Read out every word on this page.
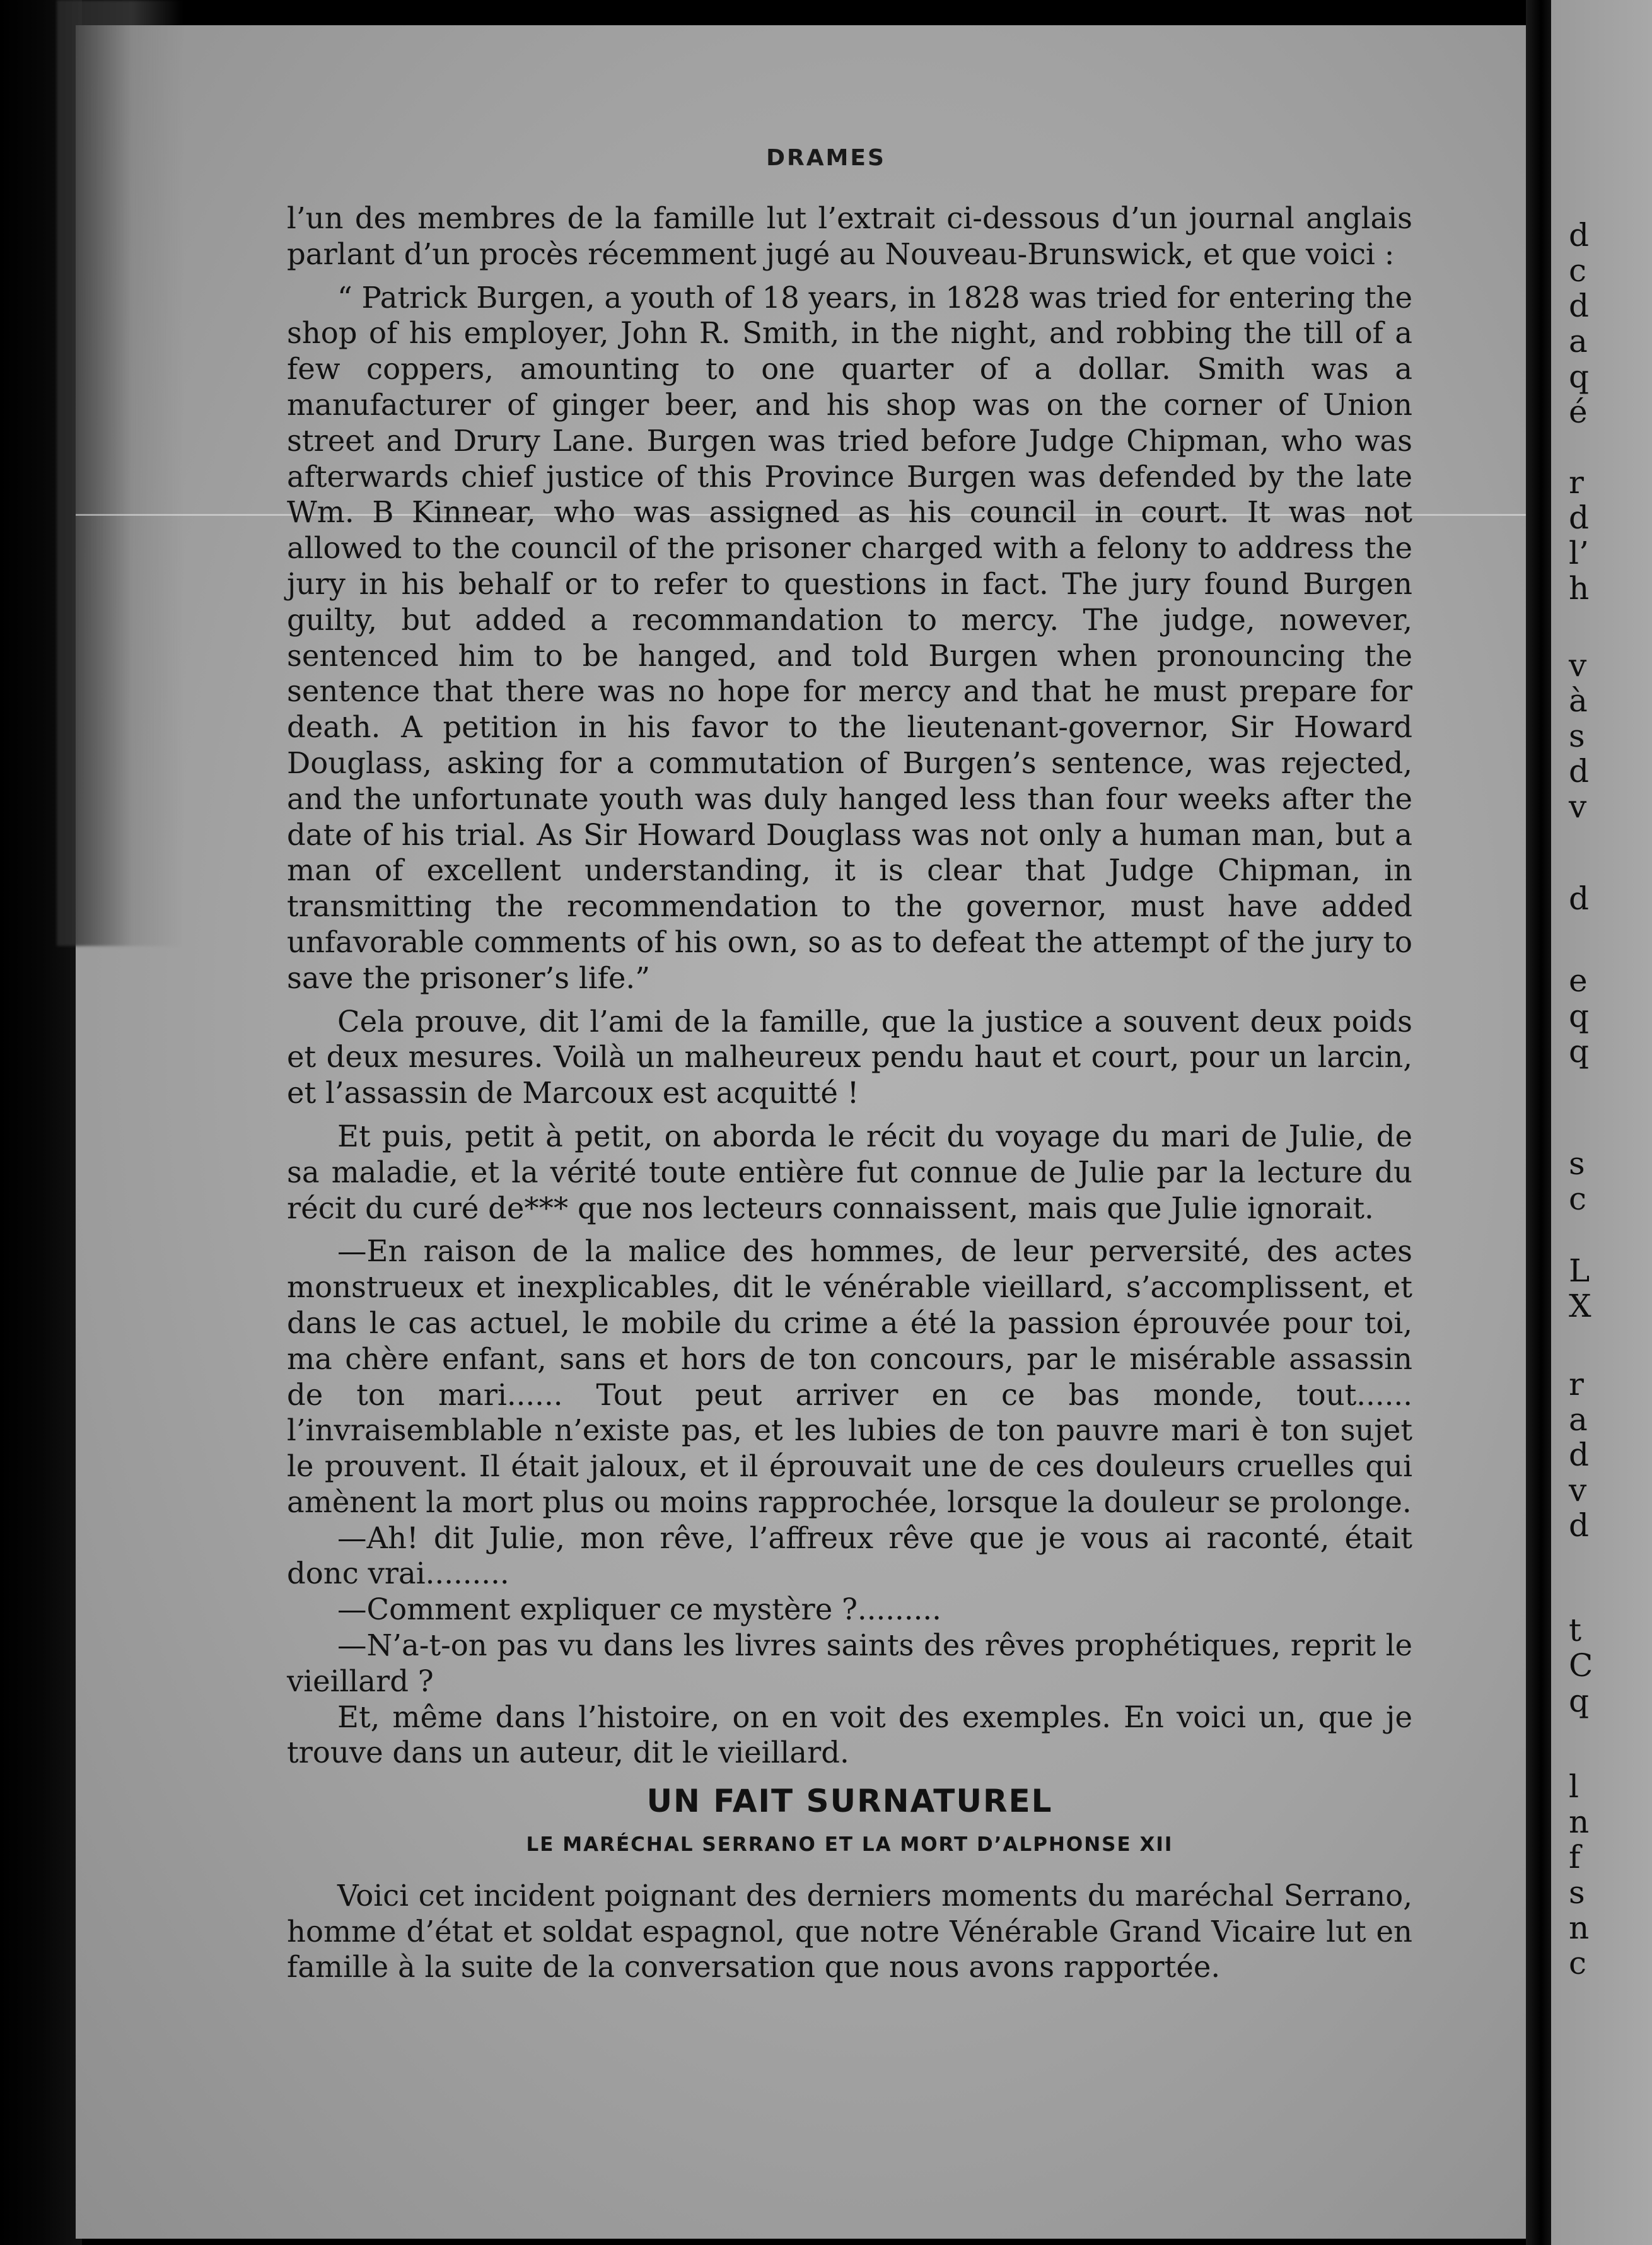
d
c
d
a
q
é
r
d
l’
h
v
à
s
d
v
d
e
q
q
s
c
L
X
r
a
d
v
d
t
C
q
l
n
f
s
n
c
DRAMES

l’un des membres de la famille lut l’extrait ci-dessous d’un journal anglais parlant d’un procès récemment jugé au Nouveau-Brunswick, et que voici :

“ Patrick Burgen, a youth of 18 years, in 1828 was tried for entering the shop of his employer, John R. Smith, in the night, and robbing the till of a few coppers, amounting to one quarter of a dollar. Smith was a manufacturer of ginger beer, and his shop was on the corner of Union street and Drury Lane. Burgen was tried before Judge Chipman, who was afterwards chief justice of this Province Burgen was defended by the late Wm. B Kinnear, who was assigned as his council in court. It was not allowed to the council of the prisoner charged with a felony to address the jury in his behalf or to refer to questions in fact. The jury found Burgen guilty, but added a recommandation to mercy. The judge, nowever, sentenced him to be hanged, and told Burgen when pronouncing the sentence that there was no hope for mercy and that he must prepare for death. A petition in his favor to the lieutenant-governor, Sir Howard Douglass, asking for a commutation of Burgen’s sentence, was rejected, and the unfortunate youth was duly hanged less than four weeks after the date of his trial. As Sir Howard Douglass was not only a human man, but a man of excellent understanding, it is clear that Judge Chipman, in transmitting the recommendation to the governor, must have added unfavorable comments of his own, so as to defeat the attempt of the jury to save the prisoner’s life.”

Cela prouve, dit l’ami de la famille, que la justice a souvent deux poids et deux mesures. Voilà un malheureux pendu haut et court, pour un larcin, et l’assassin de Marcoux est acquitté !

Et puis, petit à petit, on aborda le récit du voyage du mari de Julie, de sa maladie, et la vérité toute entière fut connue de Julie par la lecture du récit du curé de*** que nos lecteurs connaissent, mais que Julie ignorait.

—En raison de la malice des hommes, de leur perversité, des actes monstrueux et inexplicables, dit le vénérable vieillard, s’accomplissent, et dans le cas actuel, le mobile du crime a été la passion éprouvée pour toi, ma chère enfant, sans et hors de ton concours, par le misérable assassin de ton mari...... Tout peut arriver en ce bas monde, tout...... l’invraisemblable n’existe pas, et les lubies de ton pauvre mari è ton sujet le prouvent. Il était jaloux, et il éprouvait une de ces douleurs cruelles qui amènent la mort plus ou moins rapprochée, lorsque la douleur se prolonge.

—Ah! dit Julie, mon rêve, l’affreux rêve que je vous ai raconté, était donc vrai.........

—Comment expliquer ce mystère ?.........

—N’a-t-on pas vu dans les livres saints des rêves prophétiques, reprit le vieillard ?

Et, même dans l’histoire, on en voit des exemples. En voici un, que je trouve dans un auteur, dit le vieillard.

UN FAIT SURNATUREL
LE MARÉCHAL SERRANO ET LA MORT D’ALPHONSE XII

Voici cet incident poignant des derniers moments du maréchal Serrano, homme d’état et soldat espagnol, que notre Vénérable Grand Vicaire lut en famille à la suite de la conversation que nous avons rapportée.
